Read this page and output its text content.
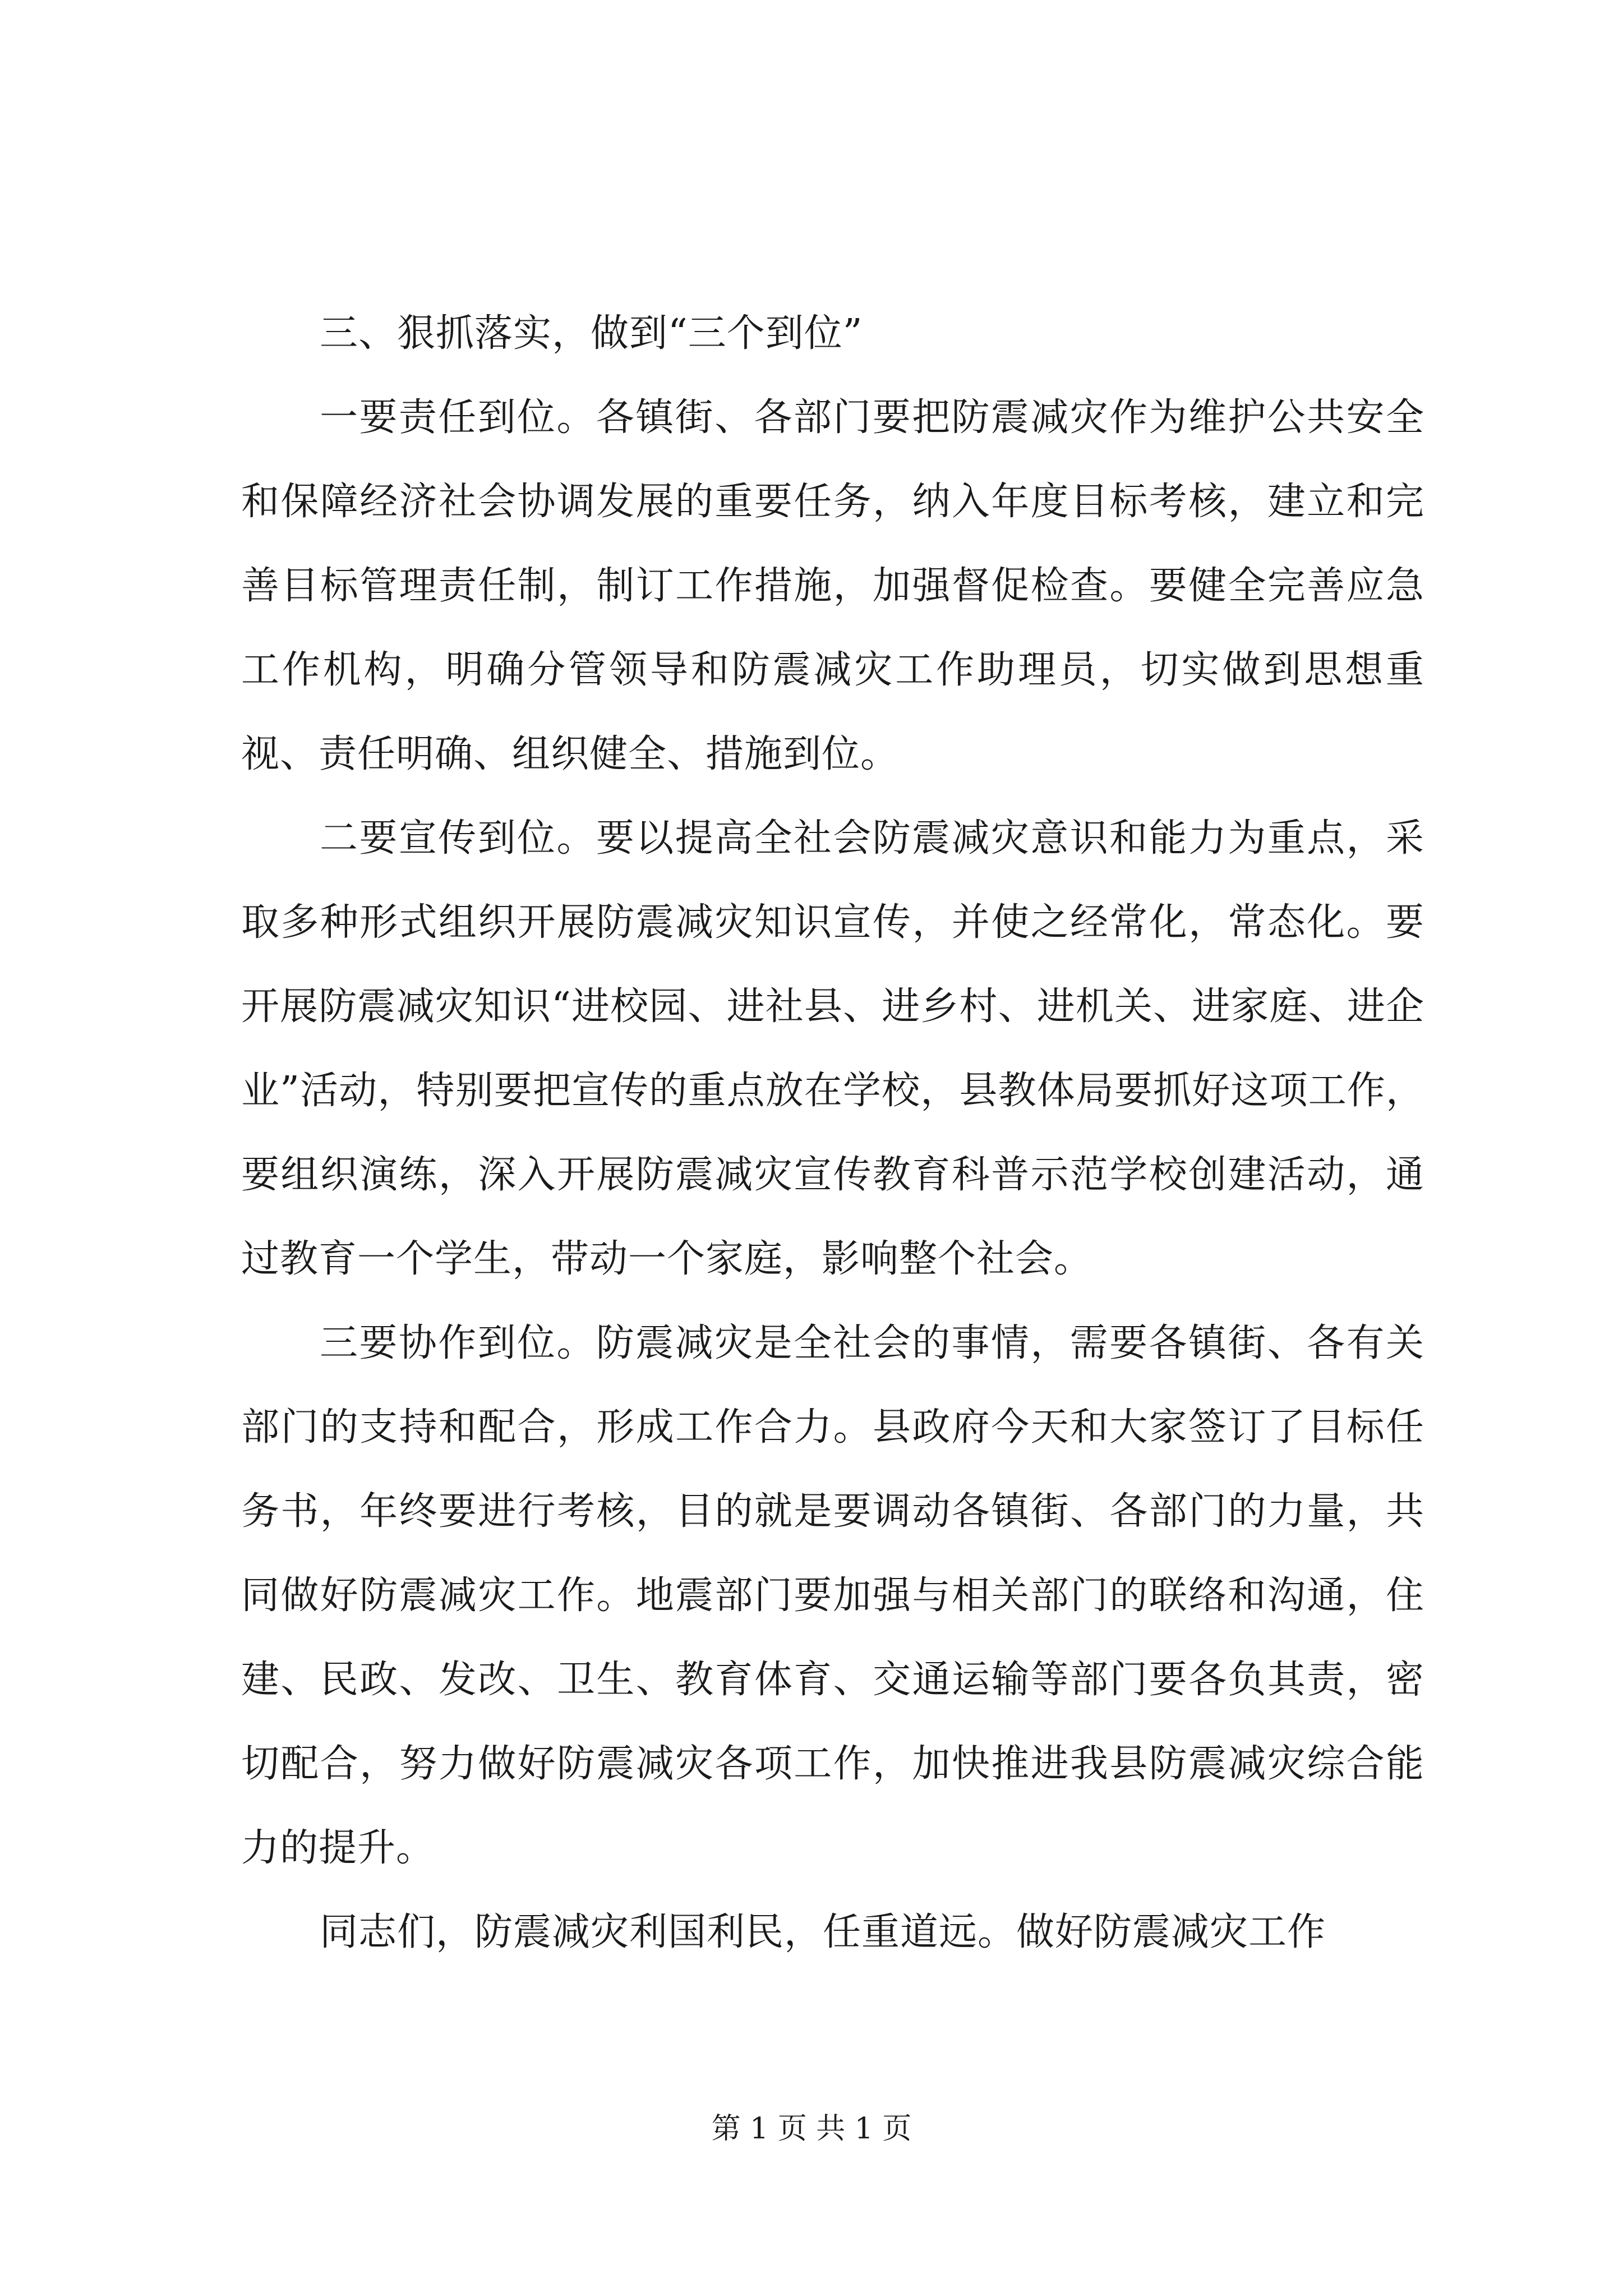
三、狠抓落实，做到“三个到位”

一要责任到位。各镇街、各部门要把防震减灾作为维护公共安全和保障经济社会协调发展的重要任务，纳入年度目标考核，建立和完善目标管理责任制，制订工作措施，加强督促检查。要健全完善应急工作机构，明确分管领导和防震减灾工作助理员，切实做到思想重视、责任明确、组织健全、措施到位。

二要宣传到位。要以提高全社会防震减灾意识和能力为重点，采取多种形式组织开展防震减灾知识宣传，并使之经常化，常态化。要开展防震减灾知识“进校园、进社县、进乡村、进机关、进家庭、进企业”活动，特别要把宣传的重点放在学校，县教体局要抓好这项工作，要组织演练，深入开展防震减灾宣传教育科普示范学校创建活动，通过教育一个学生，带动一个家庭，影响整个社会。

三要协作到位。防震减灾是全社会的事情，需要各镇街、各有关部门的支持和配合，形成工作合力。县政府今天和大家签订了目标任务书，年终要进行考核，目的就是要调动各镇街、各部门的力量，共同做好防震减灾工作。地震部门要加强与相关部门的联络和沟通，住建、民政、发改、卫生、教育体育、交通运输等部门要各负其责，密切配合，努力做好防震减灾各项工作，加快推进我县防震减灾综合能力的提升。

同志们，防震减灾利国利民，任重道远。做好防震减灾工作

第 1 页 共 1 页
